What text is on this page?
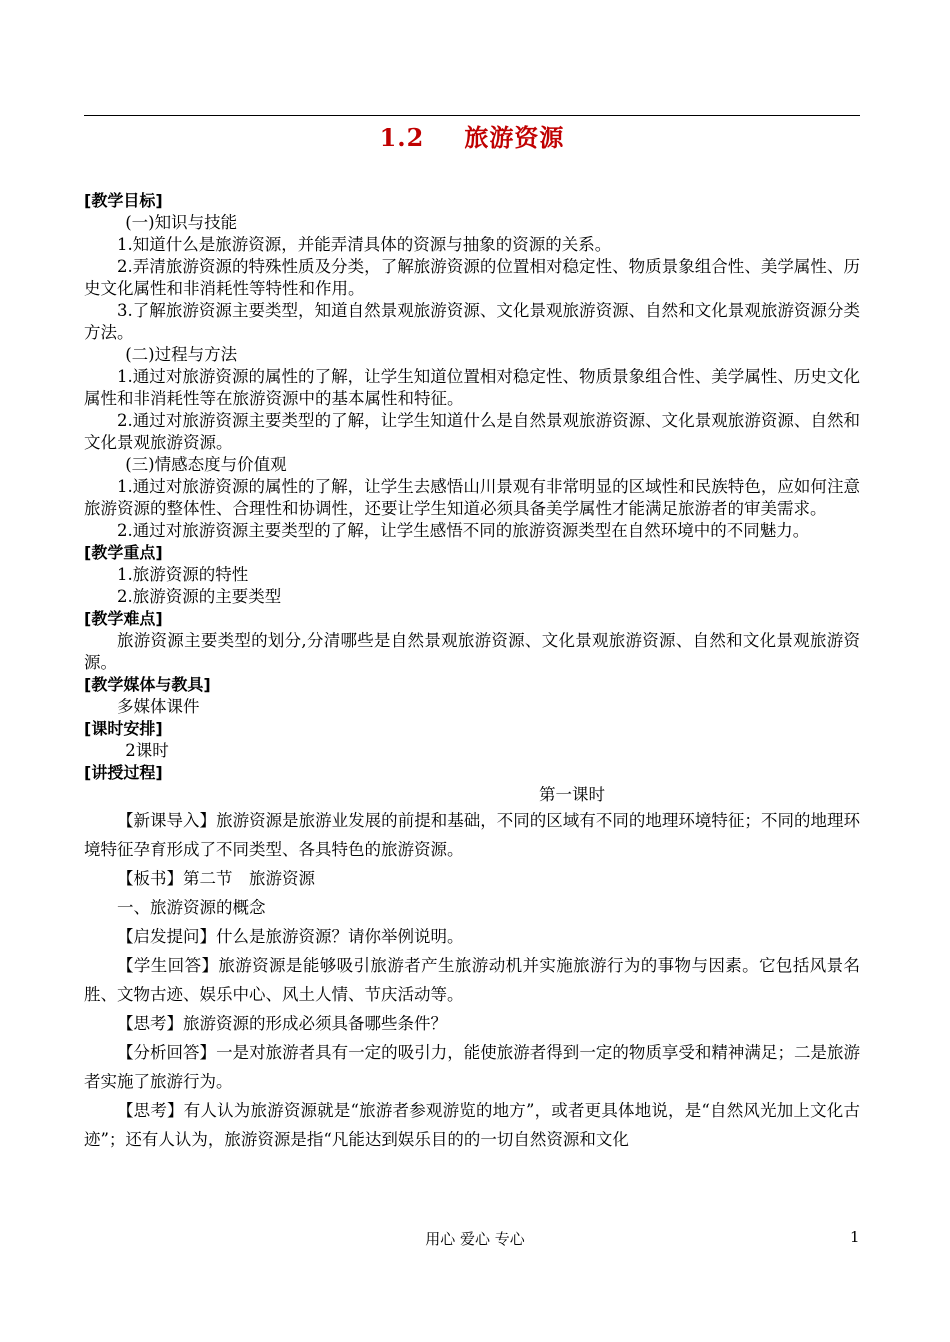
1.2 旅游资源

[教学目标]

(一)知识与技能

1.知道什么是旅游资源，并能弄清具体的资源与抽象的资源的关系。

2.弄清旅游资源的特殊性质及分类，了解旅游资源的位置相对稳定性、物质景象组合性、美学属性、历史文化属性和非消耗性等特性和作用。

3.了解旅游资源主要类型，知道自然景观旅游资源、文化景观旅游资源、自然和文化景观旅游资源分类方法。

(二)过程与方法

1.通过对旅游资源的属性的了解，让学生知道位置相对稳定性、物质景象组合性、美学属性、历史文化属性和非消耗性等在旅游资源中的基本属性和特征。

2.通过对旅游资源主要类型的了解，让学生知道什么是自然景观旅游资源、文化景观旅游资源、自然和文化景观旅游资源。

(三)情感态度与价值观

1.通过对旅游资源的属性的了解，让学生去感悟山川景观有非常明显的区域性和民族特色，应如何注意旅游资源的整体性、合理性和协调性，还要让学生知道必须具备美学属性才能满足旅游者的审美需求。

2.通过对旅游资源主要类型的了解，让学生感悟不同的旅游资源类型在自然环境中的不同魅力。

[教学重点]

1.旅游资源的特性

2.旅游资源的主要类型

[教学难点]

旅游资源主要类型的划分,分清哪些是自然景观旅游资源、文化景观旅游资源、自然和文化景观旅游资源。

[教学媒体与教具]

多媒体课件

[课时安排]

2课时

[讲授过程]

第一课时

【新课导入】旅游资源是旅游业发展的前提和基础，不同的区域有不同的地理环境特征；不同的地理环境特征孕育形成了不同类型、各具特色的旅游资源。

【板书】第二节　旅游资源

一、旅游资源的概念

【启发提问】什么是旅游资源？请你举例说明。

【学生回答】旅游资源是能够吸引旅游者产生旅游动机并实施旅游行为的事物与因素。它包括风景名胜、文物古迹、娱乐中心、风土人情、节庆活动等。

【思考】旅游资源的形成必须具备哪些条件？

【分析回答】一是对旅游者具有一定的吸引力，能使旅游者得到一定的物质享受和精神满足；二是旅游者实施了旅游行为。

【思考】有人认为旅游资源就是“旅游者参观游览的地方”，或者更具体地说，是“自然风光加上文化古迹”；还有人认为，旅游资源是指“凡能达到娱乐目的的一切自然资源和文化

用心 爱心 专心	1
